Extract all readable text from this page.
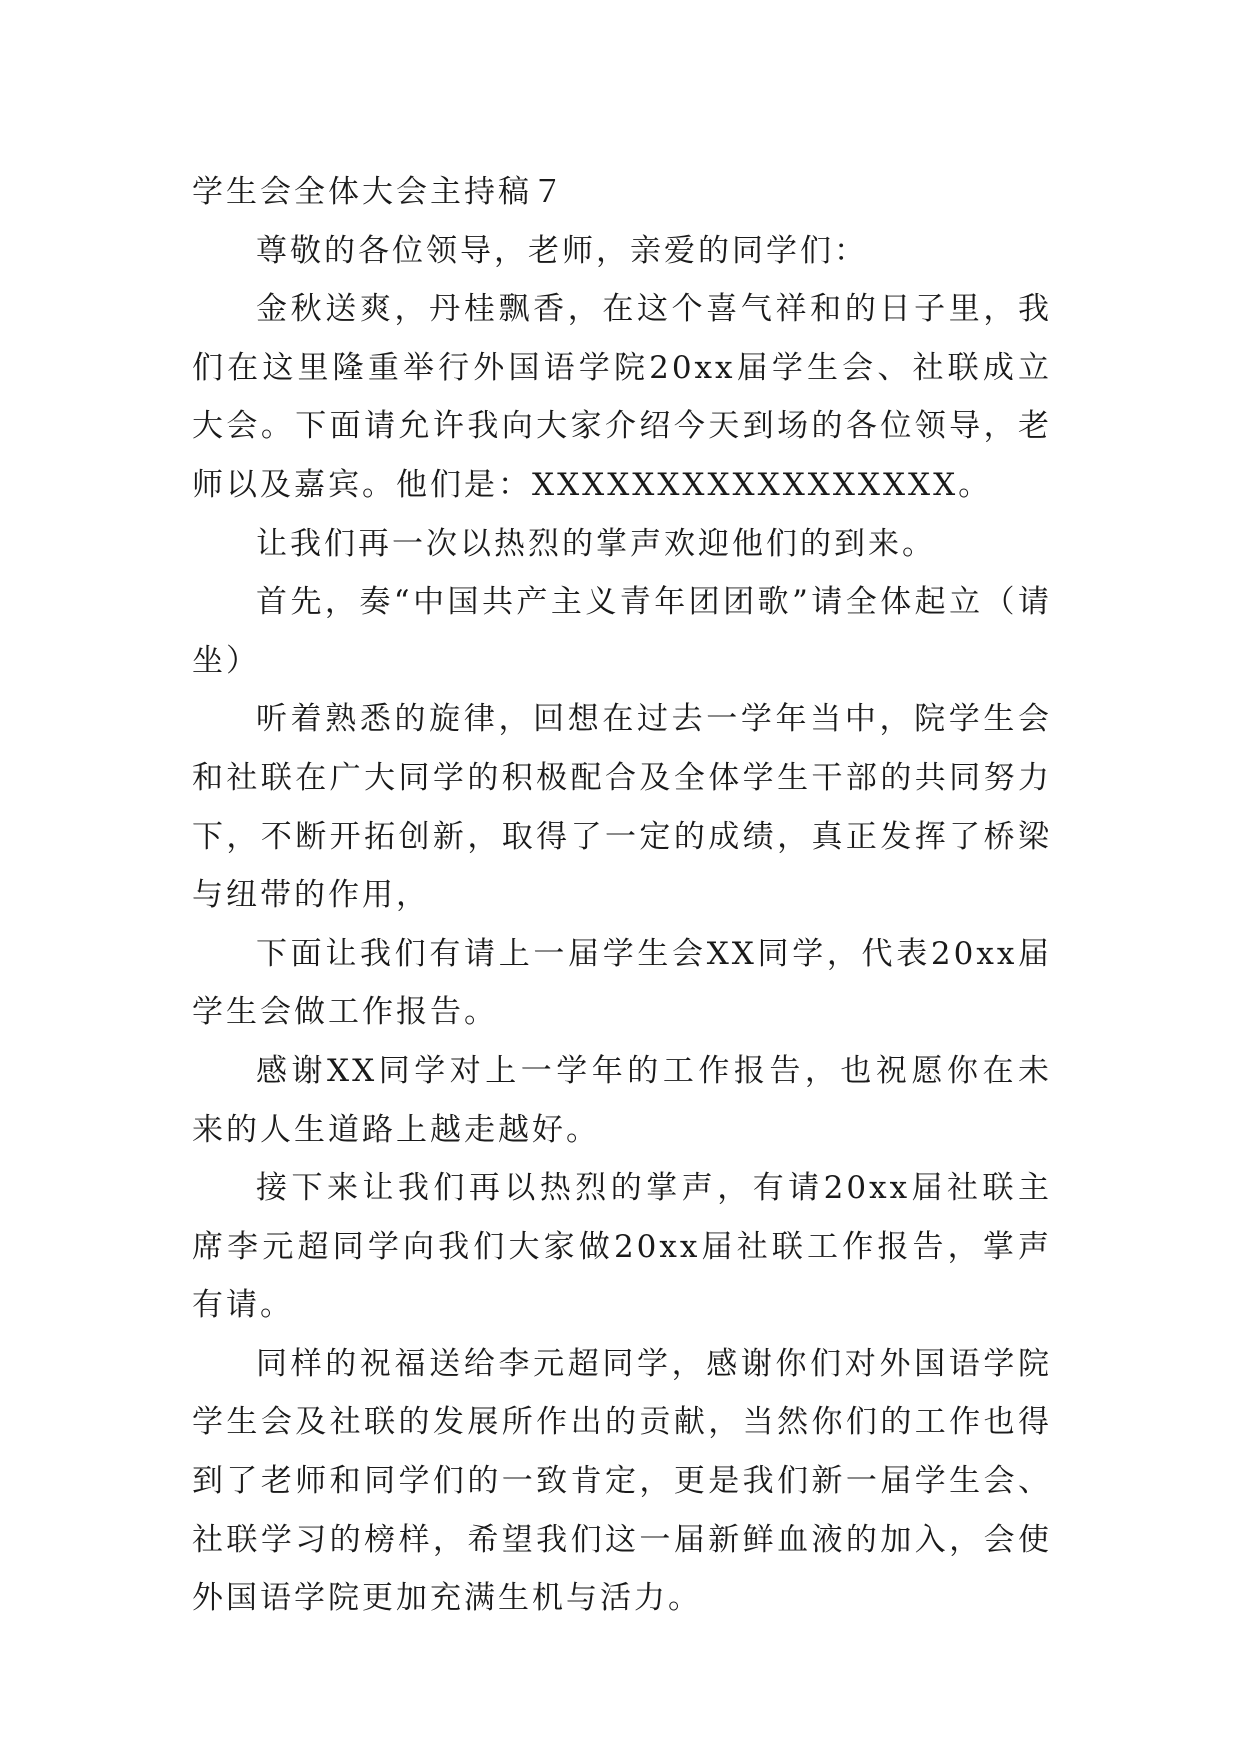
学生会全体大会主持稿７

尊敬的各位领导，老师，亲爱的同学们：

金秋送爽，丹桂飘香，在这个喜气祥和的日子里，我们在这里隆重举行外国语学院20xx届学生会、社联成立大会。下面请允许我向大家介绍今天到场的各位领导，老师以及嘉宾。他们是：XXXXXXXXXXXXXXXXX。

让我们再一次以热烈的掌声欢迎他们的到来。

首先，奏“中国共产主义青年团团歌”请全体起立（请坐）

听着熟悉的旋律，回想在过去一学年当中，院学生会和社联在广大同学的积极配合及全体学生干部的共同努力下，不断开拓创新，取得了一定的成绩，真正发挥了桥梁与纽带的作用，

下面让我们有请上一届学生会XX同学，代表20xx届学生会做工作报告。

感谢XX同学对上一学年的工作报告，也祝愿你在未来的人生道路上越走越好。

接下来让我们再以热烈的掌声，有请20xx届社联主席李元超同学向我们大家做20xx届社联工作报告，掌声有请。

同样的祝福送给李元超同学，感谢你们对外国语学院学生会及社联的发展所作出的贡献，当然你们的工作也得到了老师和同学们的一致肯定，更是我们新一届学生会、社联学习的榜样，希望我们这一届新鲜血液的加入，会使外国语学院更加充满生机与活力。
